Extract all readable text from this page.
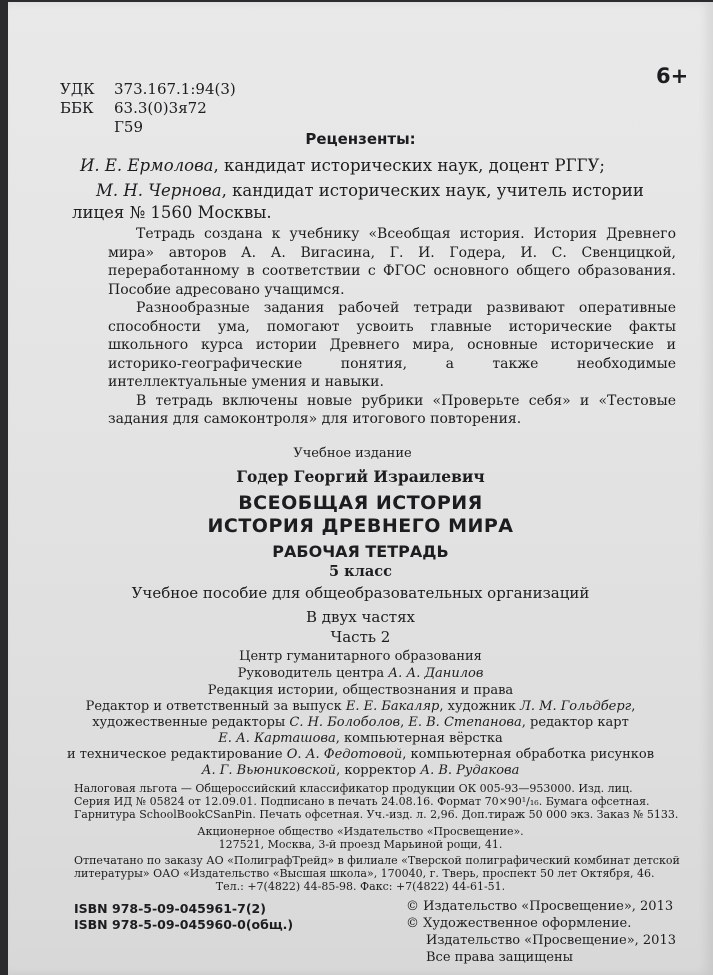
УДК 373.167.1:94(3)
ББК 63.3(0)3я72
Г59
6+
Рецензенты:
И. Е. Ермолова, кандидат исторических наук, доцент РГГУ;
М. Н. Чернова, кандидат исторических наук, учитель истории
лицея № 1560 Москвы.

Тетрадь создана к учебнику «Всеобщая история. История Древнего мира» авторов А. А. Вигасина, Г. И. Годера, И. С. Свенцицкой, переработанному в соответствии с ФГОС основного общего образования. Пособие адресовано учащимся.

Разнообразные задания рабочей тетради развивают оперативные способности ума, помогают усвоить главные исторические факты школьного курса истории Древнего мира, основные исторические и историко-географические понятия, а также необходимые интеллектуальные умения и навыки.

В тетрадь включены новые рубрики «Проверьте себя» и «Тестовые задания для самоконтроля» для итогового повторения.

Учебное издание
Годер Георгий Израилевич
ВСЕОБЩАЯ ИСТОРИЯ
ИСТОРИЯ ДРЕВНЕГО МИРА
РАБОЧАЯ ТЕТРАДЬ
5 класс
Учебное пособие для общеобразовательных организаций
В двух частях
Часть 2
Центр гуманитарного образования
Руководитель центра А. А. Данилов
Редакция истории, обществознания и права
Редактор и ответственный за выпуск Е. Е. Бакаляр, художник Л. М. Гольдберг,
художественные редакторы С. Н. Болоболов, Е. В. Степанова, редактор карт
Е. А. Карташова, компьютерная вёрстка
и техническое редактирование О. А. Федотовой, компьютерная обработка рисунков
А. Г. Вьюниковской, корректор А. В. Рудакова
Налоговая льгота — Общероссийский классификатор продукции ОК 005-93—953000. Изд. лиц.
Серия ИД № 05824 от 12.09.01. Подписано в печать 24.08.16. Формат 70×90¹/₁₆. Бумага офсетная.
Гарнитура SchoolBookCSanPin. Печать офсетная. Уч.-изд. л. 2,96. Доп.тираж 50 000 экз. Заказ № 5133.
Акционерное общество «Издательство «Просвещение».
127521, Москва, 3-й проезд Марьиной рощи, 41.
Отпечатано по заказу АО «ПолиграфТрейд» в филиале «Тверской полиграфический комбинат детской
литературы» ОАО «Издательство «Высшая школа», 170040, г. Тверь, проспект 50 лет Октября, 46.
Тел.: +7(4822) 44-85-98. Факс: +7(4822) 44-61-51.
ISBN 978-5-09-045961-7(2)
ISBN 978-5-09-045960-0(общ.)
© Издательство «Просвещение», 2013
© Художественное оформление.
Издательство «Просвещение», 2013
Все права защищены
